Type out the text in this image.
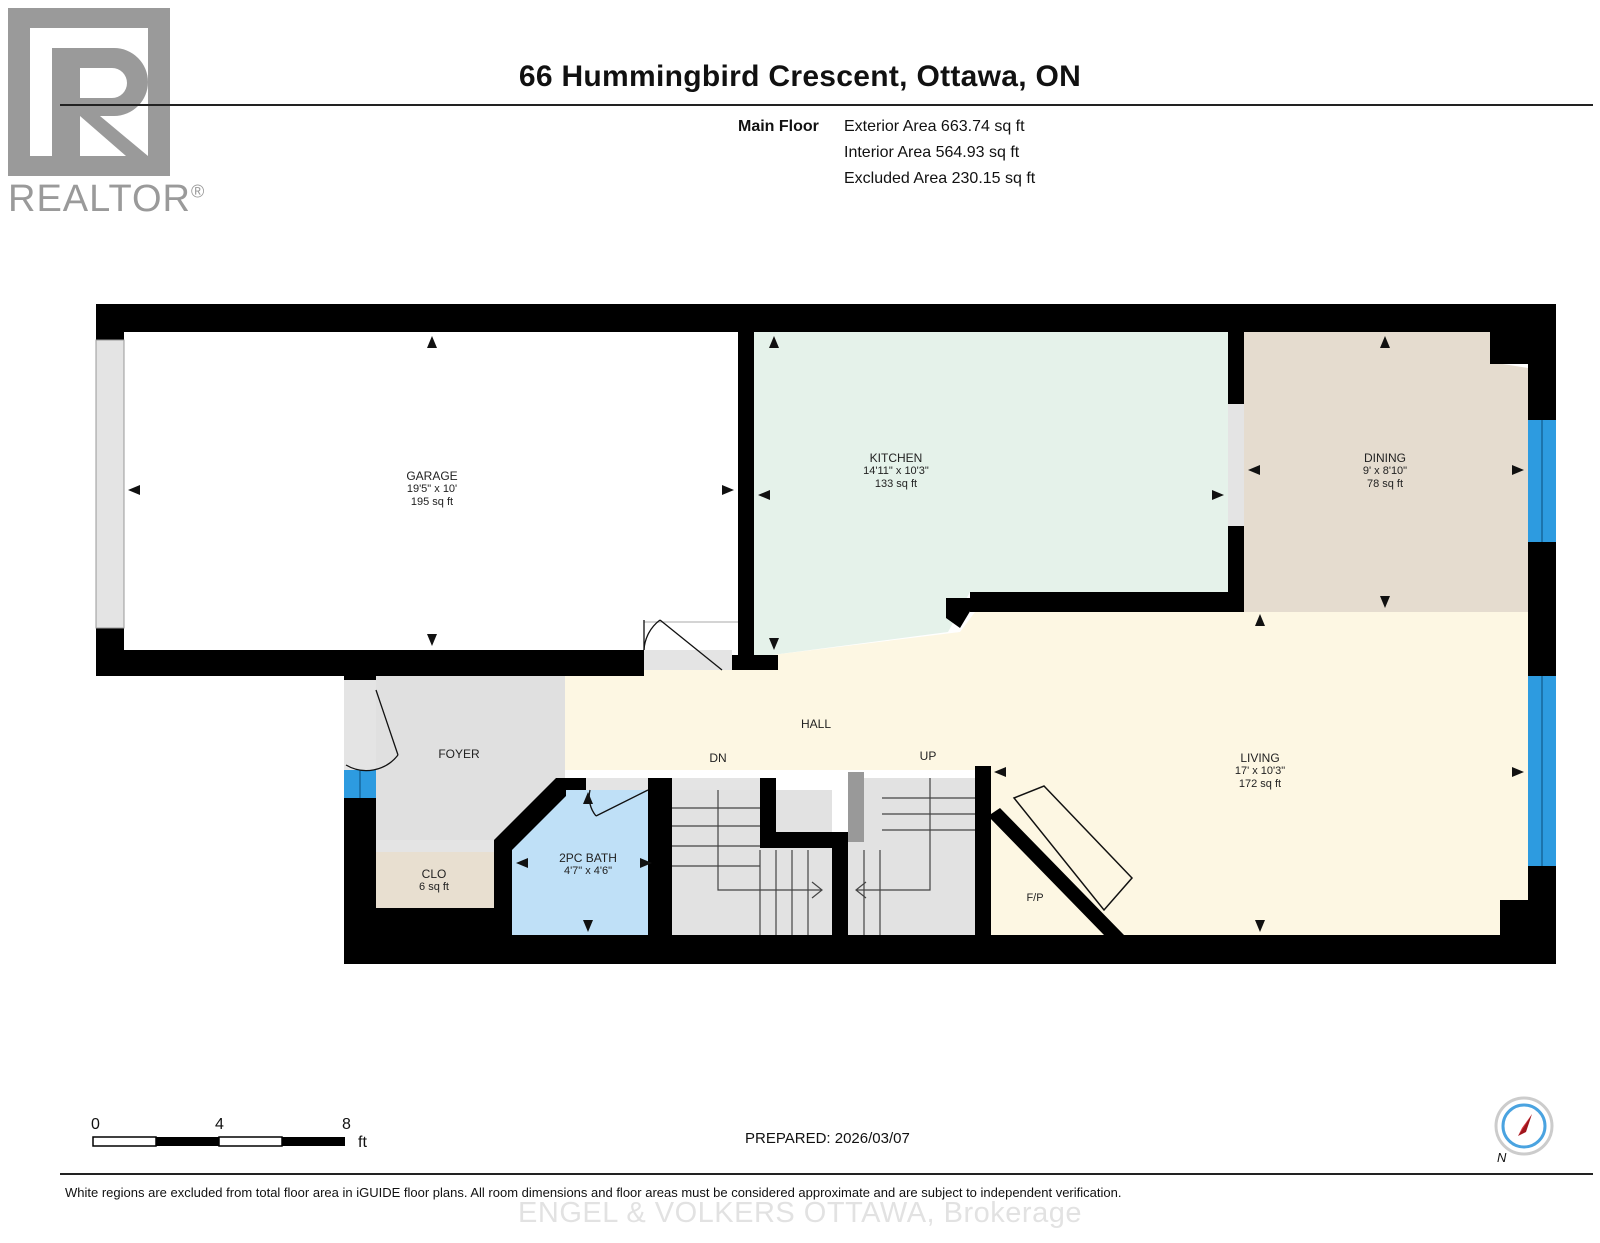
REALTOR®
66 Hummingbird Crescent, Ottawa, ON
Main Floor Exterior Area 663.74 sq ft
Interior Area 564.93 sq ft
Excluded Area 230.15 sq ft
GARAGE
19'5" x 10'
195 sq ft
KITCHEN
14'11" x 10'3"
133 sq ft
DINING
9' x 8'10"
78 sq ft
HALL
FOYER	LIVING
17' x 10'3"
172 sq ft
2PC BATH
4'7" x 4'6"
CLO
6 sq ft
F/P
DN	UP
0	4	8
ft	PREPARED: 2026/03/07
N
White regions are excluded from total floor area in iGUIDE floor plans. All room dimensions and floor areas must be considered approximate and are subject to independent verification.
ENGEL & VOLKERS OTTAWA, Brokerage
